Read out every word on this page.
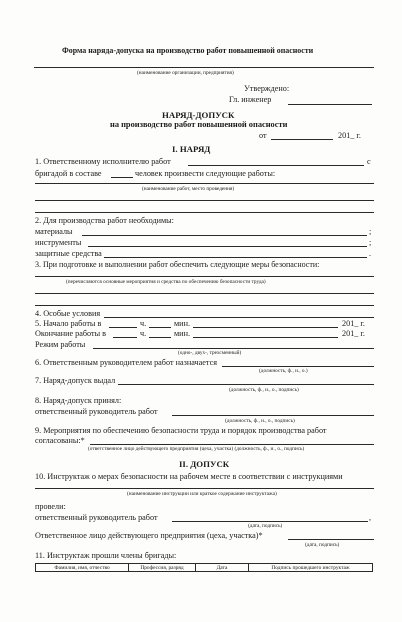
Форма наряда-допуска на производство работ повышенной опасности
(наименование организации, предприятия)
Утверждено:
Гл. инженер
НАРЯД-ДОПУСК
на производство работ повышенной опасности
от	201_ г.
I. НАРЯД
1. Ответственному исполнителю работ	с
бригадой в составе	человек произвести следующие работы:
(наименование работ, место проведения)
2. Для производства работ необходимы:
материалы	;
инструменты	;
защитные средства	.
3. При подготовке и выполнении работ обеспечить следующие меры безопасности:
(перечисляются основные мероприятия и средства по обеспечению безопасности труда)
4. Особые условия
5. Начало работы в	ч.	мин.	201_ г.
Окончание работы в	ч.	мин.	201_ г.
Режим работы
(одно-, двух-, трехсменный)
6. Ответственным руководителем работ назначается
(должность, ф., и., о.)
7. Наряд-допуск выдал
(должность, ф., и., о., подпись)
8. Наряд-допуск принял:
ответственный руководитель работ
(должность, ф., и., о., подпись)
9. Мероприятия по обеспечению безопасности труда и порядок производства работ
согласованы:*
(ответственное лицо действующего предприятия (цеха, участка) (должность, ф., и., о., подпись)
II. ДОПУСК
10. Инструктаж о мерах безопасности на рабочем месте в соответствии с инструкциями
(наименование инструкции или краткое содержание инструктажа)
провели:
ответственный руководитель работ	,
(дата, подпись)
Ответственное лицо действующего предприятия (цеха, участка)*
(дата, подпись)
11. Инструктаж прошли члены бригады:
Фамилия, имя, отчество	Профессия, разряд	Дата	Подпись прошедшего инструктаж
